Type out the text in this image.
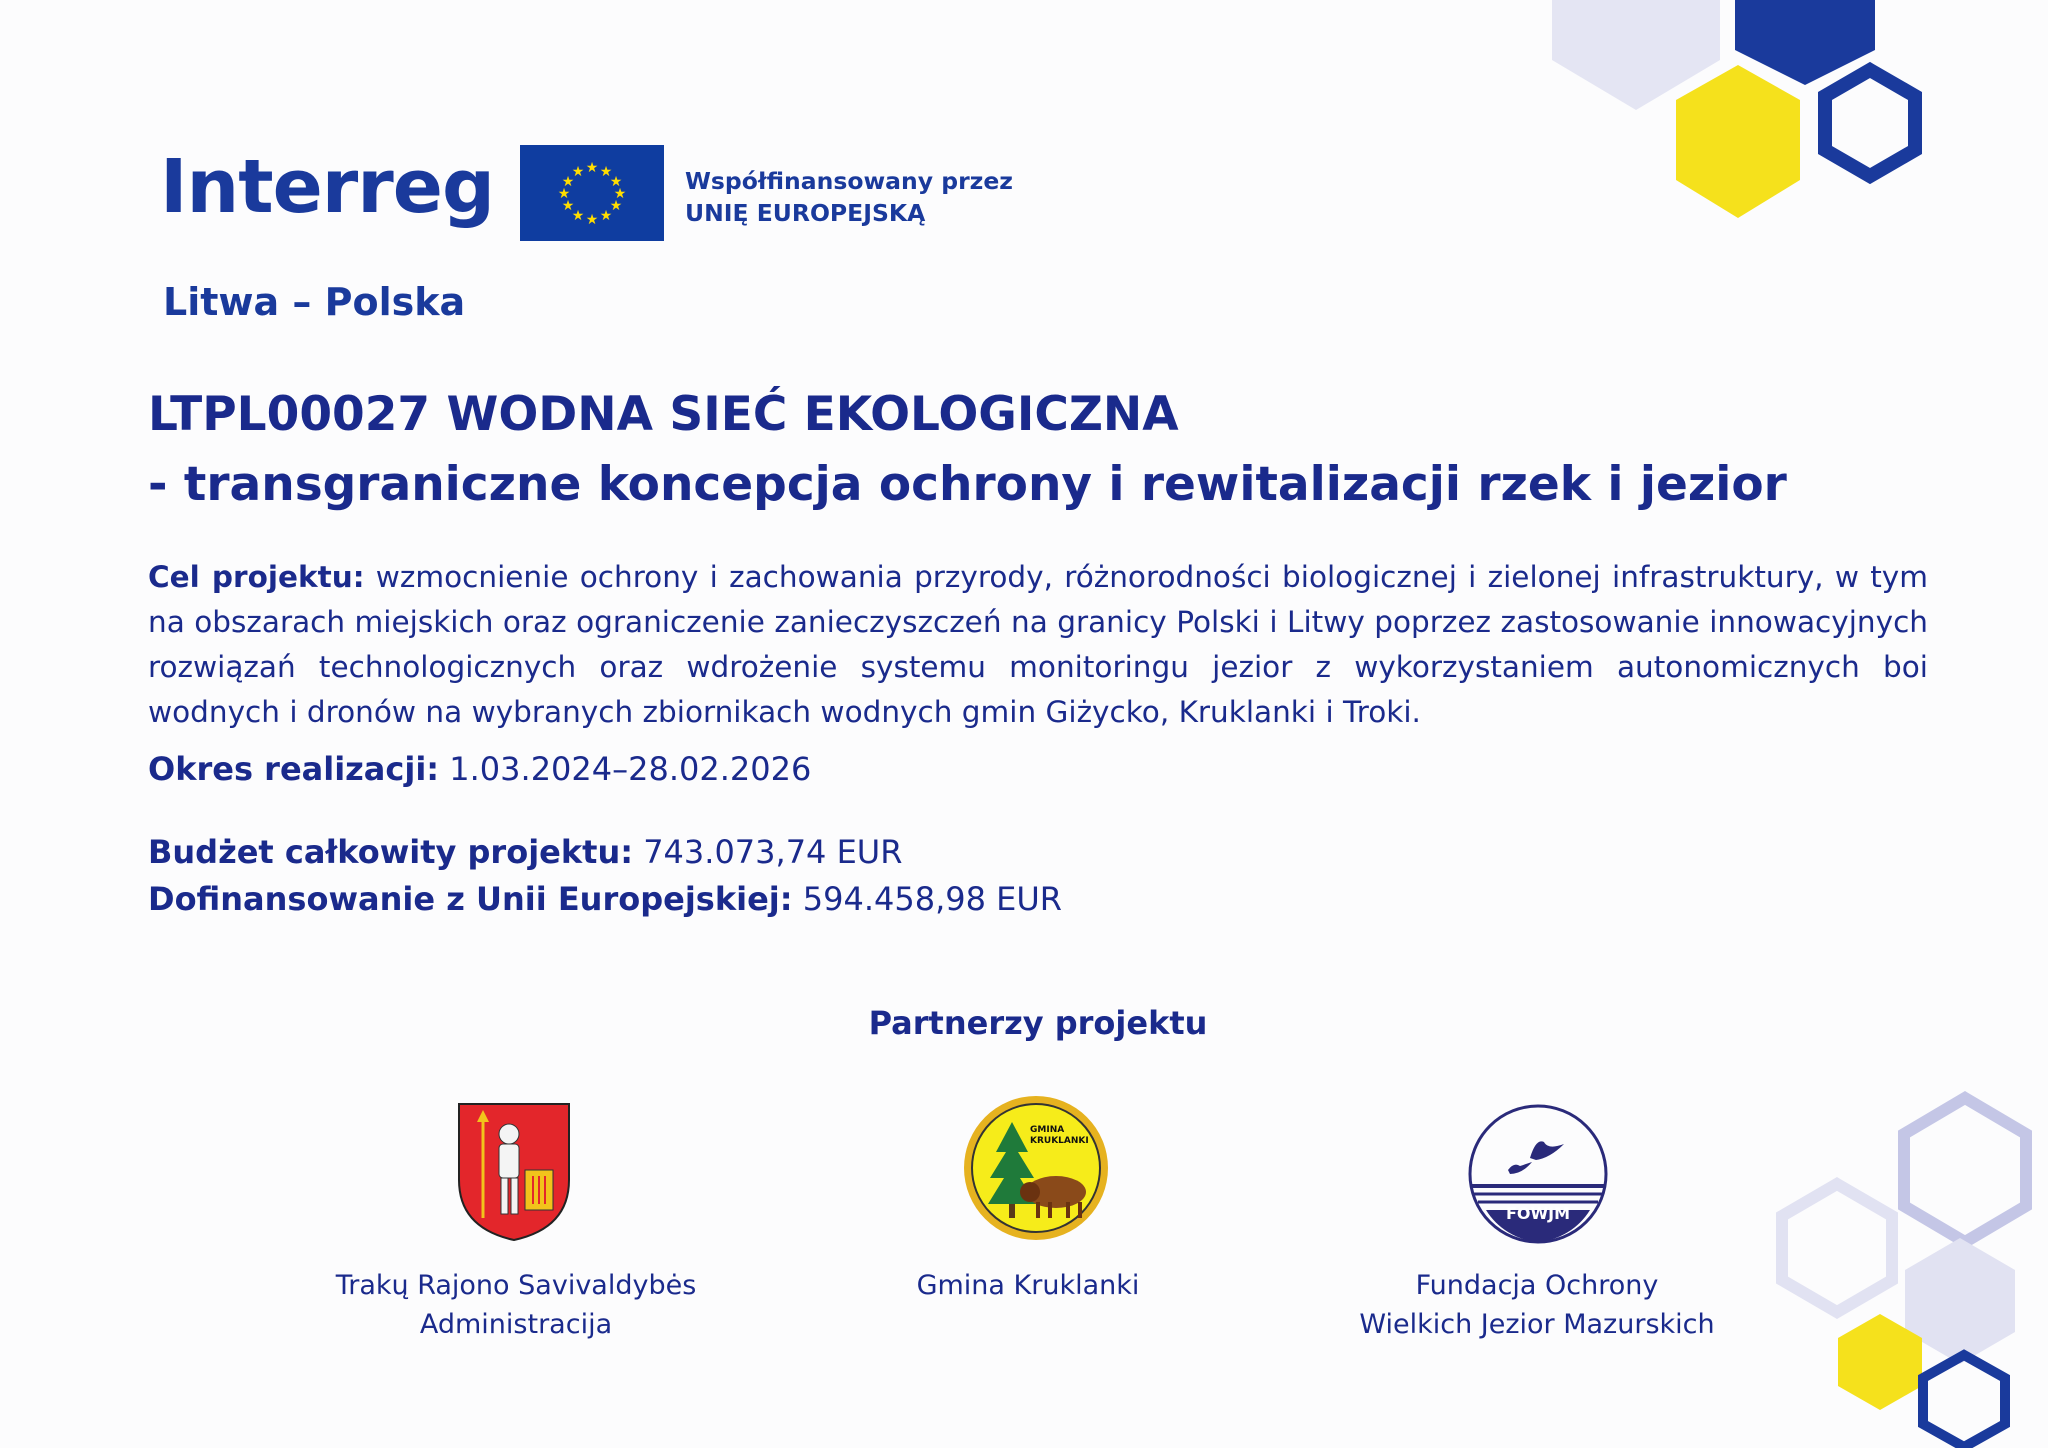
Interreg
Litwa – Polska
★ ★
★
★
★
★
★
★
★
★
★
★	Współfinansowany przez
UNIĘ EUROPEJSKĄ
LTPL00027 WODNA SIEĆ EKOLOGICZNA
- transgraniczne koncepcja ochrony i rewitalizacji rzek i jezior
Cel projektu: wzmocnienie ochrony i zachowania przyrody, różnorodności biologicznej i zielonej infrastruktury, w tym na obszarach miejskich oraz ograniczenie zanieczyszczeń na granicy Polski i Litwy poprzez zastosowanie innowacyjnych rozwiązań technologicznych oraz wdrożenie systemu monitoringu jezior z wykorzystaniem autonomicznych boi wodnych i dronów na wybranych zbiornikach wodnych gmin Giżycko, Kruklanki i Troki.
Okres realizacji: 1.03.2024–28.02.2026
Budżet całkowity projektu: 743.073,74 EUR
Dofinansowanie z Unii Europejskiej: 594.458,98 EUR
Partnerzy projektu
Trakų Rajono Savivaldybės
Administracija
GMINA
KRUKLANKI
Gmina Kruklanki
FOWJM
Fundacja Ochrony
Wielkich Jezior Mazurskich
